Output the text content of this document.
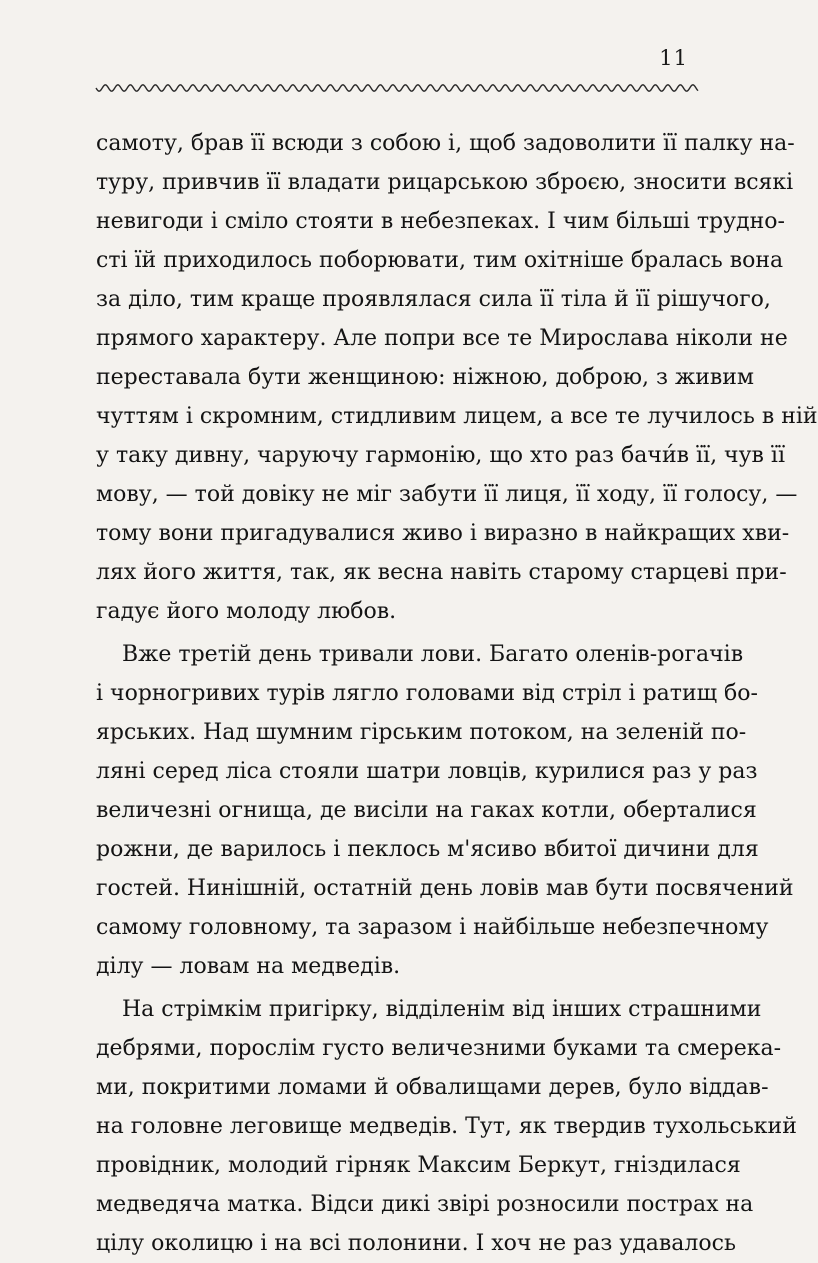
11
самоту, брав її всюди з собою і, щоб задоволити її палку на-
туру, привчив її владати рицарською зброєю, зносити всякі
невигоди і сміло стояти в небезпеках. І чим більші трудно-
сті їй приходилось поборювати, тим охітніше бралась вона
за діло, тим краще проявлялася сила її тіла й її рішучого,
прямого характеру. Але попри все те Мирослава ніколи не
переставала бути женщиною: ніжною, доброю, з живим
чуттям і скромним, стидливим лицем, а все те лучилось в ній
у таку дивну, чаруючу гармонію, що хто раз бачи́в її, чув її
мову, — той довіку не міг забути її лиця, її ходу, її голосу, —
тому вони пригадувалися живо і виразно в найкращих хви-
лях його життя, так, як весна навіть старому старцеві при-
гадує його молоду любов.
Вже третій день тривали лови. Багато оленів-рогачів
і чорногривих турів лягло головами від стріл і ратищ бо-
ярських. Над шумним гірським потоком, на зеленій по-
ляні серед ліса стояли шатри ловців, курилися раз у раз
величезні огнища, де висіли на гаках котли, оберталися
рожни, де варилось і пеклось м'ясиво вбитої дичини для
гостей. Нинішній, остатній день ловів мав бути посвячений
самому головному, та заразом і найбільше небезпечному
ділу — ловам на медведів.
На стрімкім пригірку, відділенім від інших страшними
дебрями, порослім густо величезними буками та смерека-
ми, покритими ломами й обвалищами дерев, було віддав-
на головне леговище медведів. Тут, як твердив тухольський
провідник, молодий гірняк Максим Беркут, гніздилася
медведяча матка. Відси дикі звірі розносили пострах на
цілу околицю і на всі полонини. І хоч не раз удавалось
